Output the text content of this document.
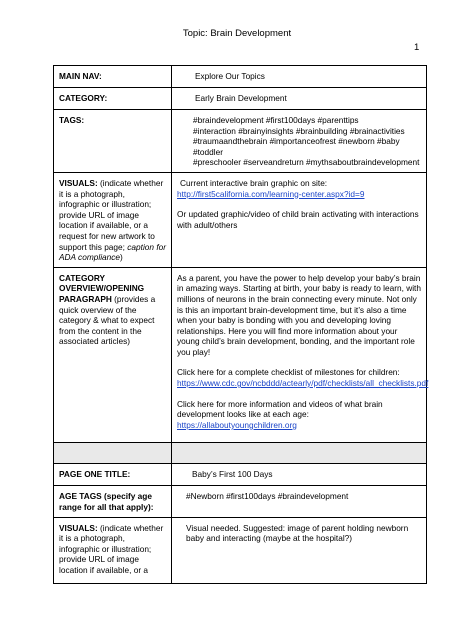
Topic: Brain Development
1
MAIN NAV:	Explore Our Topics
CATEGORY:	Early Brain Development
TAGS:	#braindevelopment #first100days #parenttips
#interaction #brainyinsights #brainbuilding #brainactivities
#traumaandthebrain #importanceofrest #newborn #baby #toddler
#preschooler #serveandreturn #mythsaboutbraindevelopment

VISUALS: (indicate whether it is a photograph, infographic or illustration; provide URL of image location if available, or a request for new artwork to support this page; caption for ADA compliance)	Current interactive brain graphic on site:
http://first5california.com/learning-center.aspx?id=9
Or updated graphic/video of child brain activating with interactions with adult/others

CATEGORY OVERVIEW/OPENING PARAGRAPH (provides a quick overview of the category & what to expect from the content in the associated articles)	As a parent, you have the power to help develop your baby’s brain in amazing ways. Starting at birth, your baby is ready to learn, with millions of neurons in the brain connecting every minute. Not only is this an important brain-development time, but it’s also a time when your baby is bonding with you and developing loving relationships. Here you will find more information about your young child’s brain development, bonding, and the important role you play!

Click here for a complete checklist of milestones for children:
https://www.cdc.gov/ncbddd/actearly/pdf/checklists/all_checklists.pdf
Click here for more information and videos of what brain development looks like at each age: https://allaboutyoungchildren.org

PAGE ONE TITLE:	Baby’s First 100 Days
AGE TAGS (specify age range for all that apply):	#Newborn #first100days #braindevelopment
VISUALS: (indicate whether it is a photograph, infographic or illustration; provide URL of image location if available, or a	Visual needed. Suggested: image of parent holding newborn baby and interacting (maybe at the hospital?)
